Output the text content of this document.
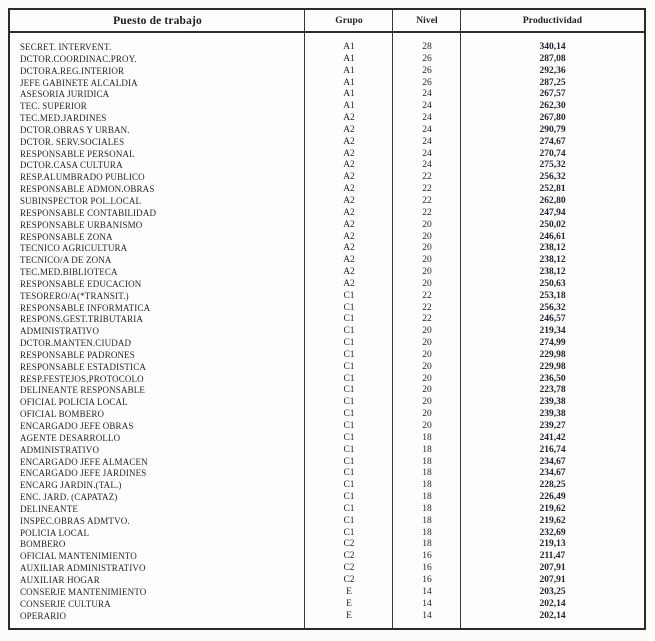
Puesto de trabajo	Grupo	Nivel	Productividad
SECRET. INTERVENT.	A1	28	340,14
DCTOR.COORDINAC.PROY.	A1	26	287,08
DCTORA.REG.INTERIOR	A1	26	292,36
JEFE GABINETE ALCALDIA	A1	26	287,25
ASESORIA JURIDICA	A1	24	267,57
TEC. SUPERIOR	A1	24	262,30
TEC.MED.JARDINES	A2	24	267,80
DCTOR.OBRAS Y URBAN.	A2	24	290,79
DCTOR. SERV.SOCIALES	A2	24	274,67
RESPONSABLE PERSONAL	A2	24	270,74
DCTOR.CASA CULTURA	A2	24	275,32
RESP.ALUMBRADO PUBLICO	A2	22	256,32
RESPONSABLE ADMON.OBRAS	A2	22	252,81
SUBINSPECTOR POL.LOCAL	A2	22	262,80
RESPONSABLE CONTABILIDAD	A2	22	247,94
RESPONSABLE URBANISMO	A2	20	250,02
RESPONSABLE ZONA	A2	20	246,61
TECNICO AGRICULTURA	A2	20	238,12
TECNICO/A DE ZONA	A2	20	238,12
TEC.MED.BIBLIOTECA	A2	20	238,12
RESPONSABLE EDUCACION	A2	20	250,63
TESORERO/A(*TRANSIT.)	C1	22	253,18
RESPONSABLE INFORMATICA	C1	22	256,32
RESPONS.GEST.TRIBUTARIA	C1	22	246,57
ADMINISTRATIVO	C1	20	219,34
DCTOR.MANTEN.CIUDAD	C1	20	274,99
RESPONSABLE PADRONES	C1	20	229,98
RESPONSABLE ESTADISTICA	C1	20	229,98
RESP.FESTEJOS,PROTOCOLO	C1	20	236,50
DELINEANTE RESPONSABLE	C1	20	223,78
OFICIAL POLICIA LOCAL	C1	20	239,38
OFICIAL BOMBERO	C1	20	239,38
ENCARGADO JEFE OBRAS	C1	20	239,27
AGENTE DESARROLLO	C1	18	241,42
ADMINISTRATIVO	C1	18	216,74
ENCARGADO JEFE ALMACEN	C1	18	234,67
ENCARGADO JEFE JARDINES	C1	18	234,67
ENCARG JARDIN.(TAL.)	C1	18	228,25
ENC. JARD. (CAPATAZ)	C1	18	226,49
DELINEANTE	C1	18	219,62
INSPEC.OBRAS ADMTVO.	C1	18	219,62
POLICIA LOCAL	C1	18	232,69
BOMBERO	C2	18	219,13
OFICIAL MANTENIMIENTO	C2	16	211,47
AUXILIAR ADMINISTRATIVO	C2	16	207,91
AUXILIAR HOGAR	C2	16	207,91
CONSERJE MANTENIMIENTO	E	14	203,25
CONSERJE CULTURA	E	14	202,14
OPERARIO	E	14	202,14
